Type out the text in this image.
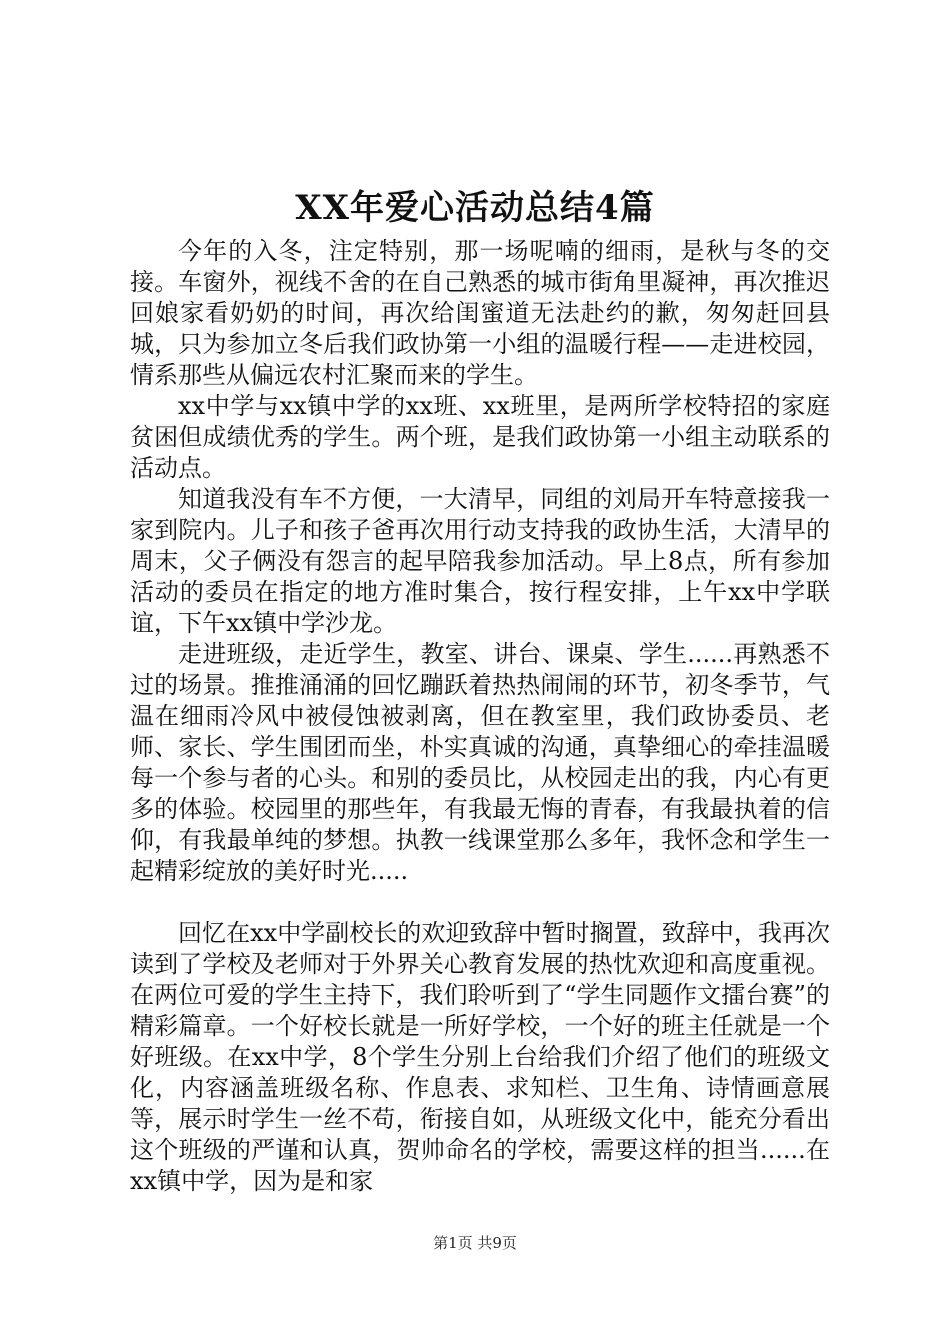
XX年爱心活动总结4篇

今年的入冬，注定特别，那一场呢喃的细雨，是秋与冬的交接。车窗外，视线不舍的在自己熟悉的城市街角里凝神，再次推迟回娘家看奶奶的时间，再次给闺蜜道无法赴约的歉，匆匆赶回县城，只为参加立冬后我们政协第一小组的温暖行程——走进校园，情系那些从偏远农村汇聚而来的学生。

xx中学与xx镇中学的xx班、xx班里，是两所学校特招的家庭贫困但成绩优秀的学生。两个班，是我们政协第一小组主动联系的活动点。

知道我没有车不方便，一大清早，同组的刘局开车特意接我一家到院内。儿子和孩子爸再次用行动支持我的政协生活，大清早的周末，父子俩没有怨言的起早陪我参加活动。早上8点，所有参加活动的委员在指定的地方准时集合，按行程安排，上午xx中学联谊，下午xx镇中学沙龙。

走进班级，走近学生，教室、讲台、课桌、学生......再熟悉不过的场景。推推涌涌的回忆蹦跃着热热闹闹的环节，初冬季节，气温在细雨冷风中被侵蚀被剥离，但在教室里，我们政协委员、老师、家长、学生围团而坐，朴实真诚的沟通，真挚细心的牵挂温暖每一个参与者的心头。和别的委员比，从校园走出的我，内心有更多的体验。校园里的那些年，有我最无悔的青春，有我最执着的信仰，有我最单纯的梦想。执教一线课堂那么多年，我怀念和学生一起精彩绽放的美好时光.....

回忆在xx中学副校长的欢迎致辞中暂时搁置，致辞中，我再次读到了学校及老师对于外界关心教育发展的热忱欢迎和高度重视。在两位可爱的学生主持下，我们聆听到了“学生同题作文擂台赛”的精彩篇章。一个好校长就是一所好学校，一个好的班主任就是一个好班级。在xx中学，8个学生分别上台给我们介绍了他们的班级文化，内容涵盖班级名称、作息表、求知栏、卫生角、诗情画意展等，展示时学生一丝不苟，衔接自如，从班级文化中，能充分看出这个班级的严谨和认真，贺帅命名的学校，需要这样的担当......在xx镇中学，因为是和家

第1页 共9页
